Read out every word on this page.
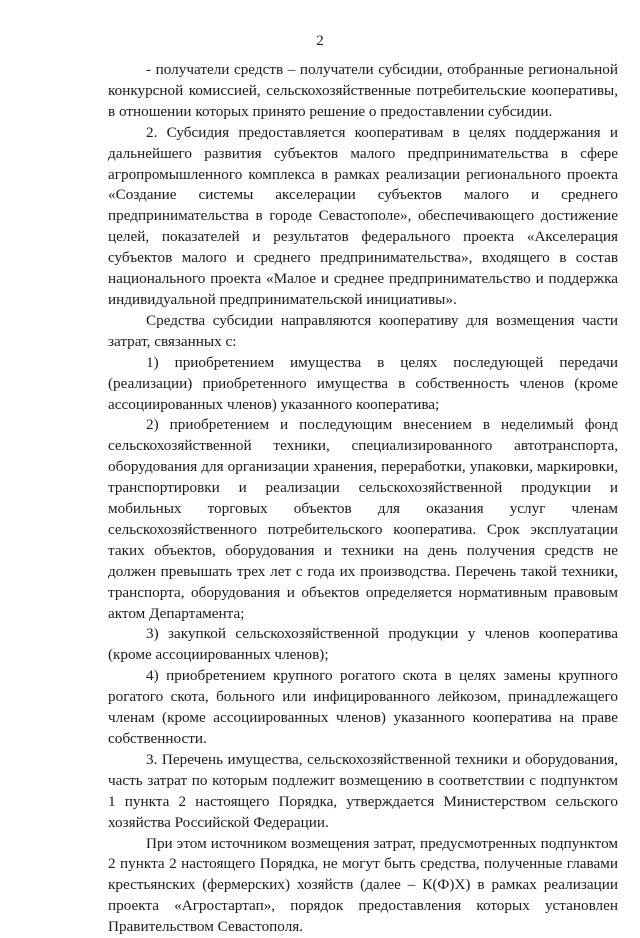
2

- получатели средств – получатели субсидии, отобранные региональной конкурсной комиссией, сельскохозяйственные потребительские кооперативы, в отношении которых принято решение о предоставлении субсидии.

2. Субсидия предоставляется кооперативам в целях поддержания и дальнейшего развития субъектов малого предпринимательства в сфере агропромышленного комплекса в рамках реализации регионального проекта «Создание системы акселерации субъектов малого и среднего предпринимательства в городе Севастополе», обеспечивающего достижение целей, показателей и результатов федерального проекта «Акселерация субъектов малого и среднего предпринимательства», входящего в состав национального проекта «Малое и среднее предпринимательство и поддержка индивидуальной предпринимательской инициативы».

Средства субсидии направляются кооперативу для возмещения части затрат, связанных с:

1) приобретением имущества в целях последующей передачи (реализации) приобретенного имущества в собственность членов (кроме ассоциированных членов) указанного кооператива;

2) приобретением и последующим внесением в неделимый фонд сельскохозяйственной техники, специализированного автотранспорта, оборудования для организации хранения, переработки, упаковки, маркировки, транспортировки и реализации сельскохозяйственной продукции и мобильных торговых объектов для оказания услуг членам сельскохозяйственного потребительского кооператива. Срок эксплуатации таких объектов, оборудования и техники на день получения средств не должен превышать трех лет с года их производства. Перечень такой техники, транспорта, оборудования и объектов определяется нормативным правовым актом Департамента;

3) закупкой сельскохозяйственной продукции у членов кооператива (кроме ассоциированных членов);

4) приобретением крупного рогатого скота в целях замены крупного рогатого скота, больного или инфицированного лейкозом, принадлежащего членам (кроме ассоциированных членов) указанного кооператива на праве собственности.

3. Перечень имущества, сельскохозяйственной техники и оборудования, часть затрат по которым подлежит возмещению в соответствии с подпунктом 1 пункта 2 настоящего Порядка, утверждается Министерством сельского хозяйства Российской Федерации.

При этом источником возмещения затрат, предусмотренных подпунктом 2 пункта 2 настоящего Порядка, не могут быть средства, полученные главами крестьянских (фермерских) хозяйств (далее – К(Ф)Х) в рамках реализации проекта «Агростартап», порядок предоставления которых установлен Правительством Севастополя.
